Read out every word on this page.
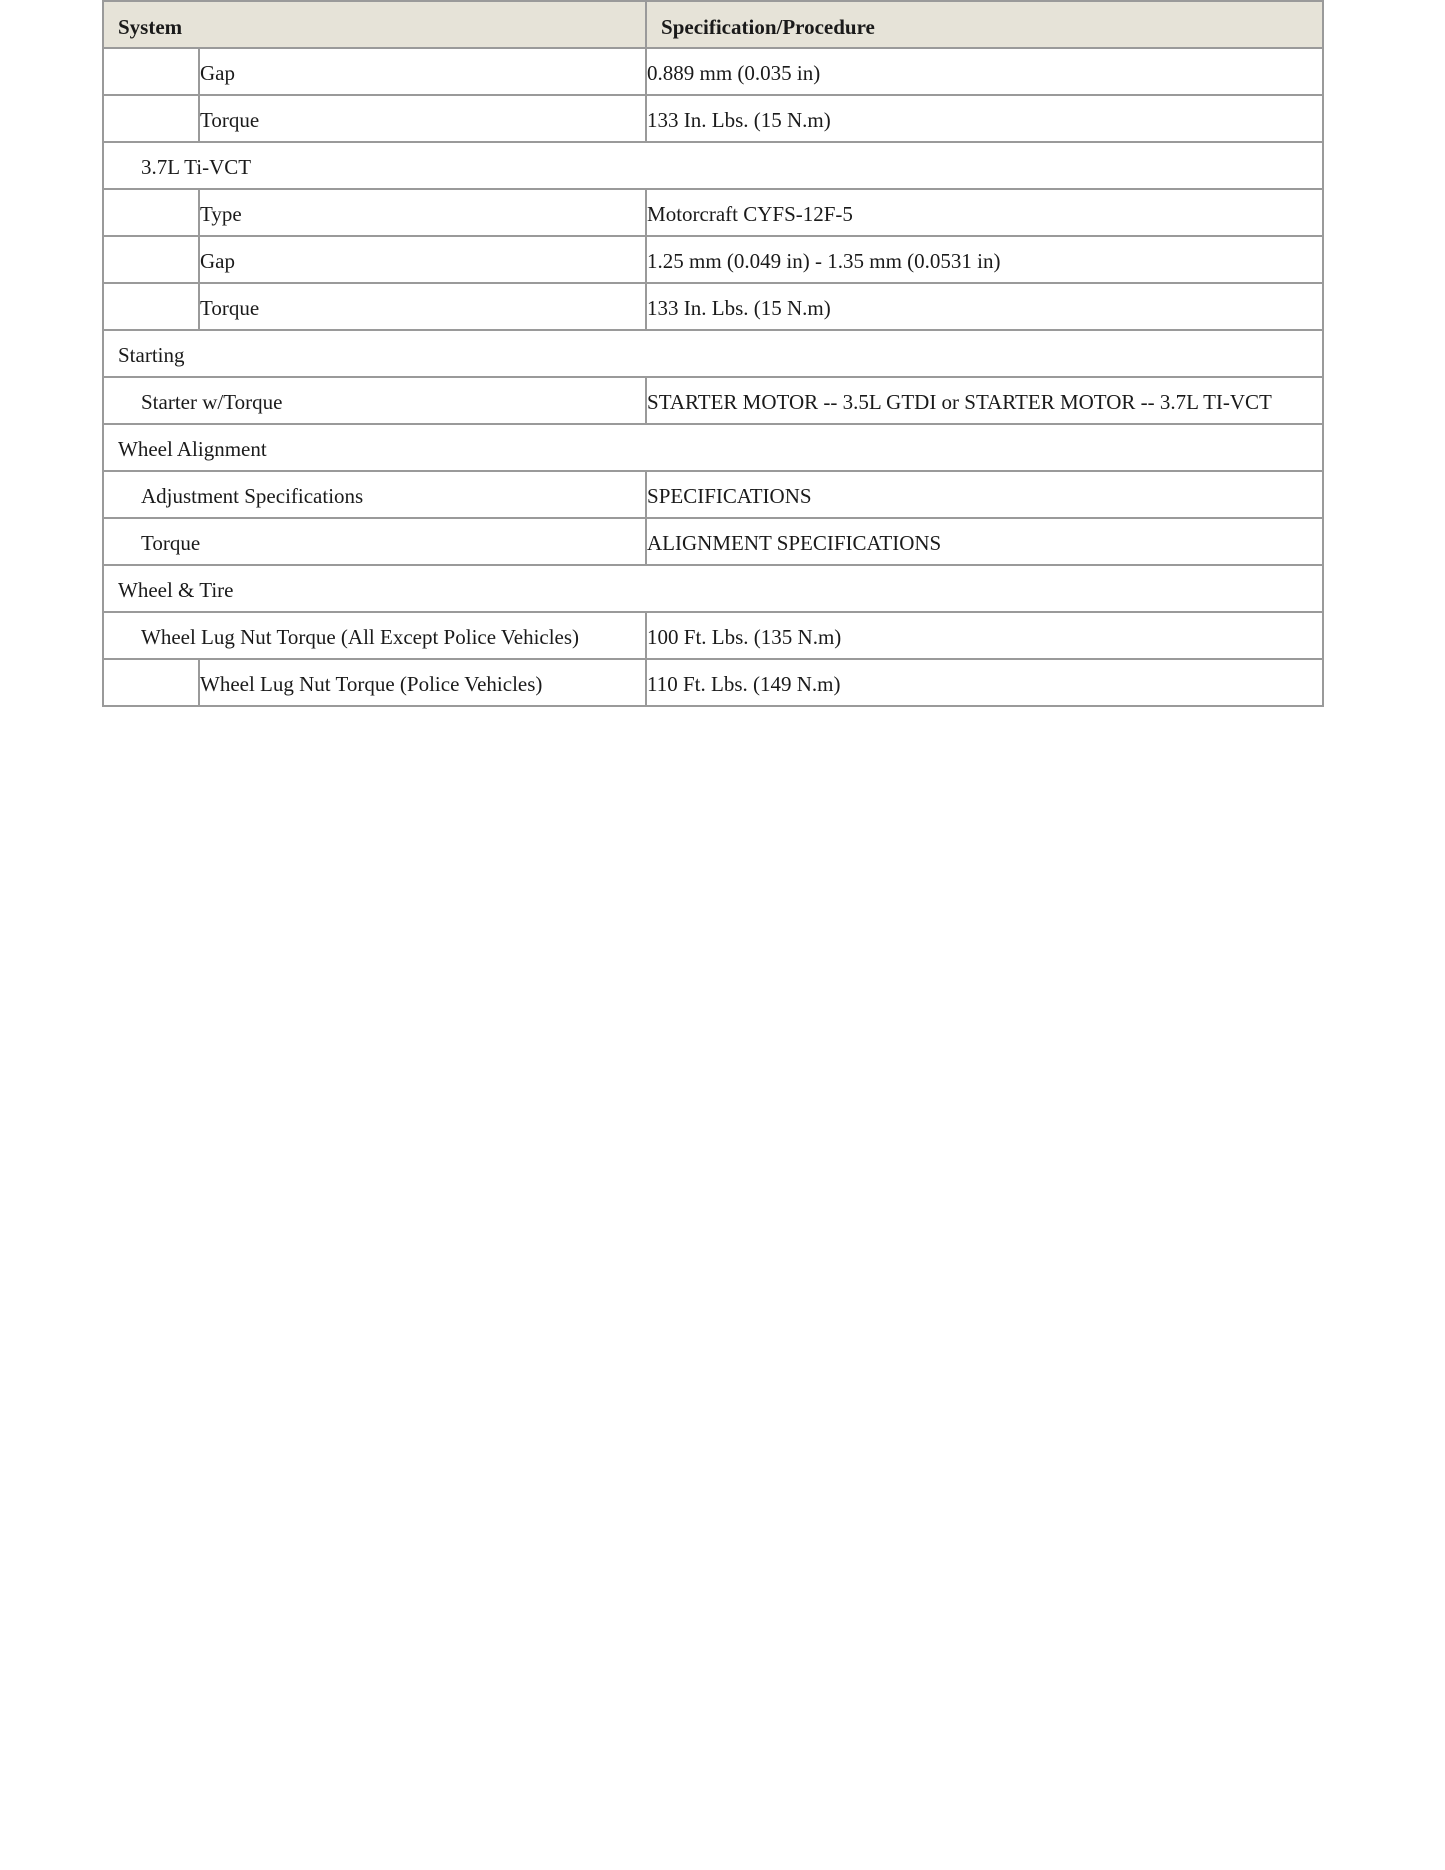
System		Specification/Procedure
	Gap	0.889 mm (0.035 in)
	Torque	133 In. Lbs. (15 N.m)
3.7L Ti-VCT		
	Type	Motorcraft CYFS-12F-5
	Gap	1.25 mm (0.049 in) - 1.35 mm (0.0531 in)
	Torque	133 In. Lbs. (15 N.m)
Starting		
Starter w/Torque		STARTER MOTOR -- 3.5L GTDI or STARTER MOTOR -- 3.7L TI-VCT
Wheel Alignment		
Adjustment Specifications		SPECIFICATIONS
Torque		ALIGNMENT SPECIFICATIONS
Wheel & Tire		
Wheel Lug Nut Torque (All Except Police Vehicles)		100 Ft. Lbs. (135 N.m)
	Wheel Lug Nut Torque (Police Vehicles)	110 Ft. Lbs. (149 N.m)
